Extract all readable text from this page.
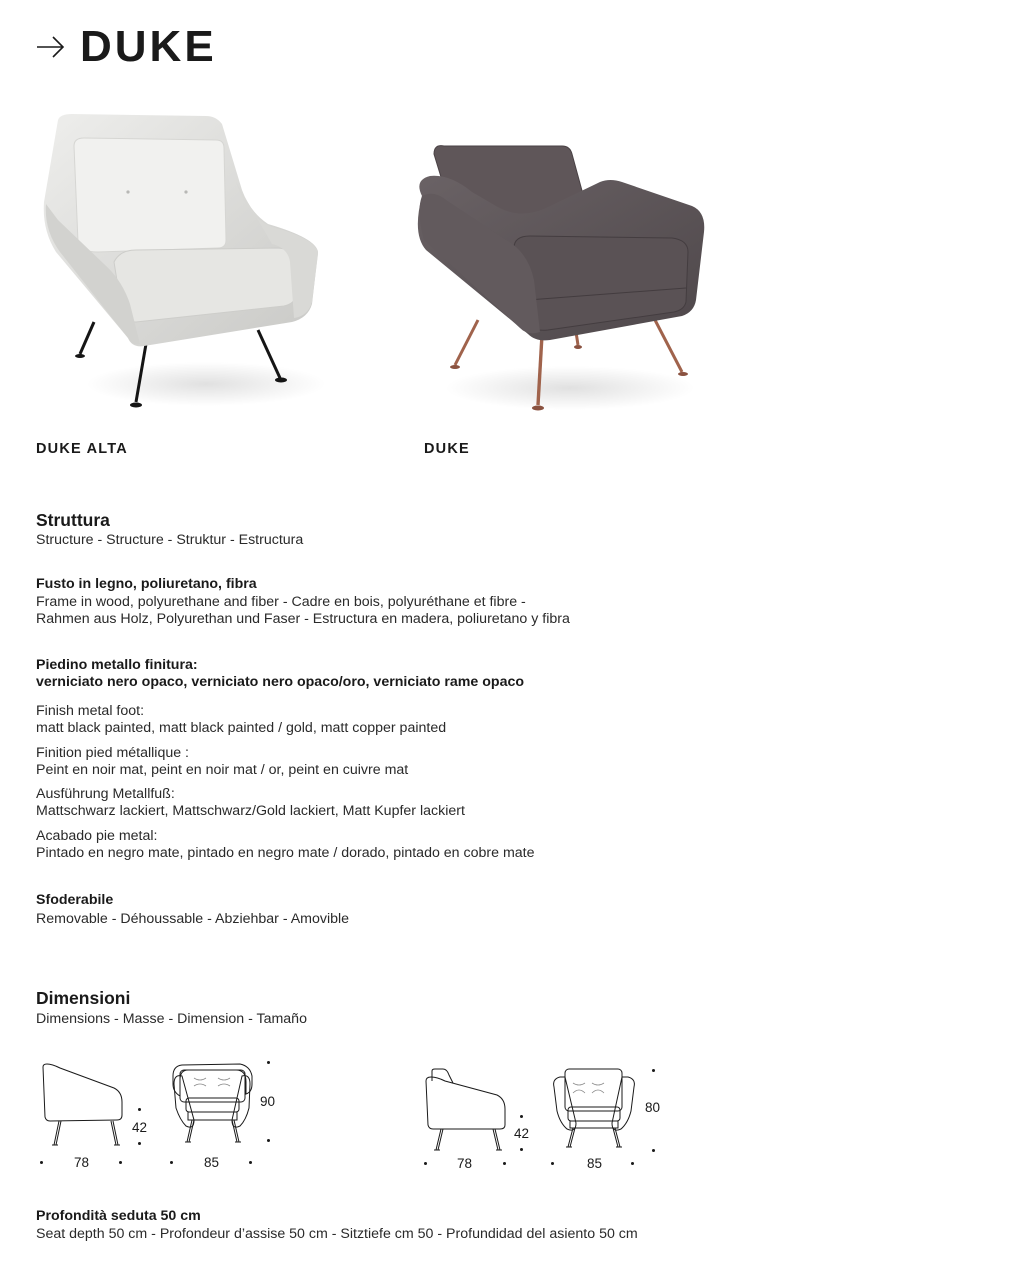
DUKE
DUKE ALTA	DUKE
Struttura
Structure - Structure - Struktur - Estructura
Fusto in legno, poliuretano, fibra
Frame in wood, polyurethane and fiber - Cadre en bois, polyuréthane et fibre -
Rahmen aus Holz, Polyurethan und Faser - Estructura en madera, poliuretano y fibra
Piedino metallo finitura:
verniciato nero opaco, verniciato nero opaco/oro, verniciato rame opaco
Finish metal foot:
matt black painted, matt black painted / gold, matt copper painted
Finition pied métallique :
Peint en noir mat, peint en noir mat / or, peint en cuivre mat
Ausführung Metallfuß:
Mattschwarz lackiert, Mattschwarz/Gold lackiert, Matt Kupfer lackiert
Acabado pie metal:
Pintado en negro mate, pintado en negro mate / dorado, pintado en cobre mate
Sfoderabile
Removable - Déhoussable - Abziehbar - Amovible
Dimensioni
Dimensions - Masse - Dimension - Tamaño
42
78
90
85
42
78
80
85
Profondità seduta 50 cm
Seat depth 50 cm - Profondeur d’assise 50 cm - Sitztiefe cm 50 - Profundidad del asiento 50 cm
